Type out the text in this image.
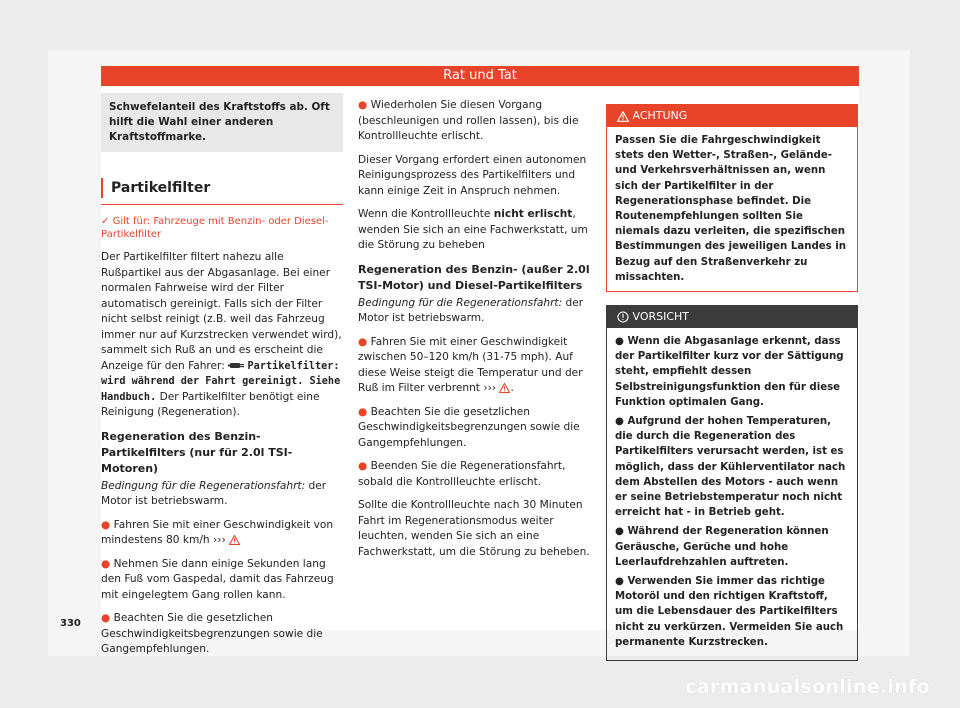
Rat und Tat
Schwefelanteil des Kraftstoffs ab. Oft hilft die Wahl einer anderen Kraftstoffmarke.
Partikelfilter
✓ Gilt für: Fahrzeuge mit Benzin- oder Diesel-Partikelfilter

Der Partikelfilter filtert nahezu alle Rußpartikel aus der Abgasanlage. Bei einer normalen Fahrweise wird der Filter automatisch gereinigt. Falls sich der Filter nicht selbst reinigt (z.B. weil das Fahrzeug immer nur auf Kurzstrecken verwendet wird), sammelt sich Ruß an und es erscheint die Anzeige für den Fahrer: Partikelfilter: wird während der Fahrt gereinigt. Siehe Handbuch. Der Partikelfilter benötigt eine Reinigung (Regeneration).

Regeneration des Benzin-Partikelfilters (nur für 2.0l TSI-Motoren)

Bedingung für die Regenerationsfahrt: der Motor ist betriebswarm.

● Fahren Sie mit einer Geschwindigkeit von mindestens 80 km/h ›››

● Nehmen Sie dann einige Sekunden lang den Fuß vom Gaspedal, damit das Fahrzeug mit eingelegtem Gang rollen kann.

● Beachten Sie die gesetzlichen Geschwindigkeitsbegrenzungen sowie die Gangempfehlungen.

● Wiederholen Sie diesen Vorgang (beschleunigen und rollen lassen), bis die Kontrollleuchte erlischt.

Dieser Vorgang erfordert einen autonomen Reinigungsprozess des Partikelfilters und kann einige Zeit in Anspruch nehmen.

Wenn die Kontrollleuchte nicht erlischt, wenden Sie sich an eine Fachwerkstatt, um die Störung zu beheben

Regeneration des Benzin- (außer 2.0l TSI-Motor) und Diesel-Partikelfilters

Bedingung für die Regenerationsfahrt: der Motor ist betriebswarm.

● Fahren Sie mit einer Geschwindigkeit zwischen 50–120 km/h (31-75 mph). Auf diese Weise steigt die Temperatur und der Ruß im Filter verbrennt ››› .

● Beachten Sie die gesetzlichen Geschwindigkeitsbegrenzungen sowie die Gangempfehlungen.

● Beenden Sie die Regenerationsfahrt, sobald die Kontrollleuchte erlischt.

Sollte die Kontrollleuchte nach 30 Minuten Fahrt im Regenerationsmodus weiter leuchten, wenden Sie sich an eine Fachwerkstatt, um die Störung zu beheben.

ACHTUNG
Passen Sie die Fahrgeschwindigkeit stets den Wetter-, Straßen-, Gelände- und Verkehrsverhältnissen an, wenn sich der Partikelfilter in der Regenerationsphase befindet. Die Routenempfehlungen sollten Sie niemals dazu verleiten, die spezifischen Bestimmungen des jeweiligen Landes in Bezug auf den Straßenverkehr zu missachten.
VORSICHT

● Wenn die Abgasanlage erkennt, dass der Partikelfilter kurz vor der Sättigung steht, empfiehlt dessen Selbstreinigungsfunktion den für diese Funktion optimalen Gang.

● Aufgrund der hohen Temperaturen, die durch die Regeneration des Partikelfilters verursacht werden, ist es möglich, dass der Kühlerventilator nach dem Abstellen des Motors - auch wenn er seine Betriebstemperatur noch nicht erreicht hat - in Betrieb geht.

● Während der Regeneration können Geräusche, Gerüche und hohe Leerlaufdrehzahlen auftreten.

● Verwenden Sie immer das richtige Motoröl und den richtigen Kraftstoff, um die Lebensdauer des Partikelfilters nicht zu verkürzen. Vermeiden Sie auch permanente Kurzstrecken.

330
carmanualsonline.info
